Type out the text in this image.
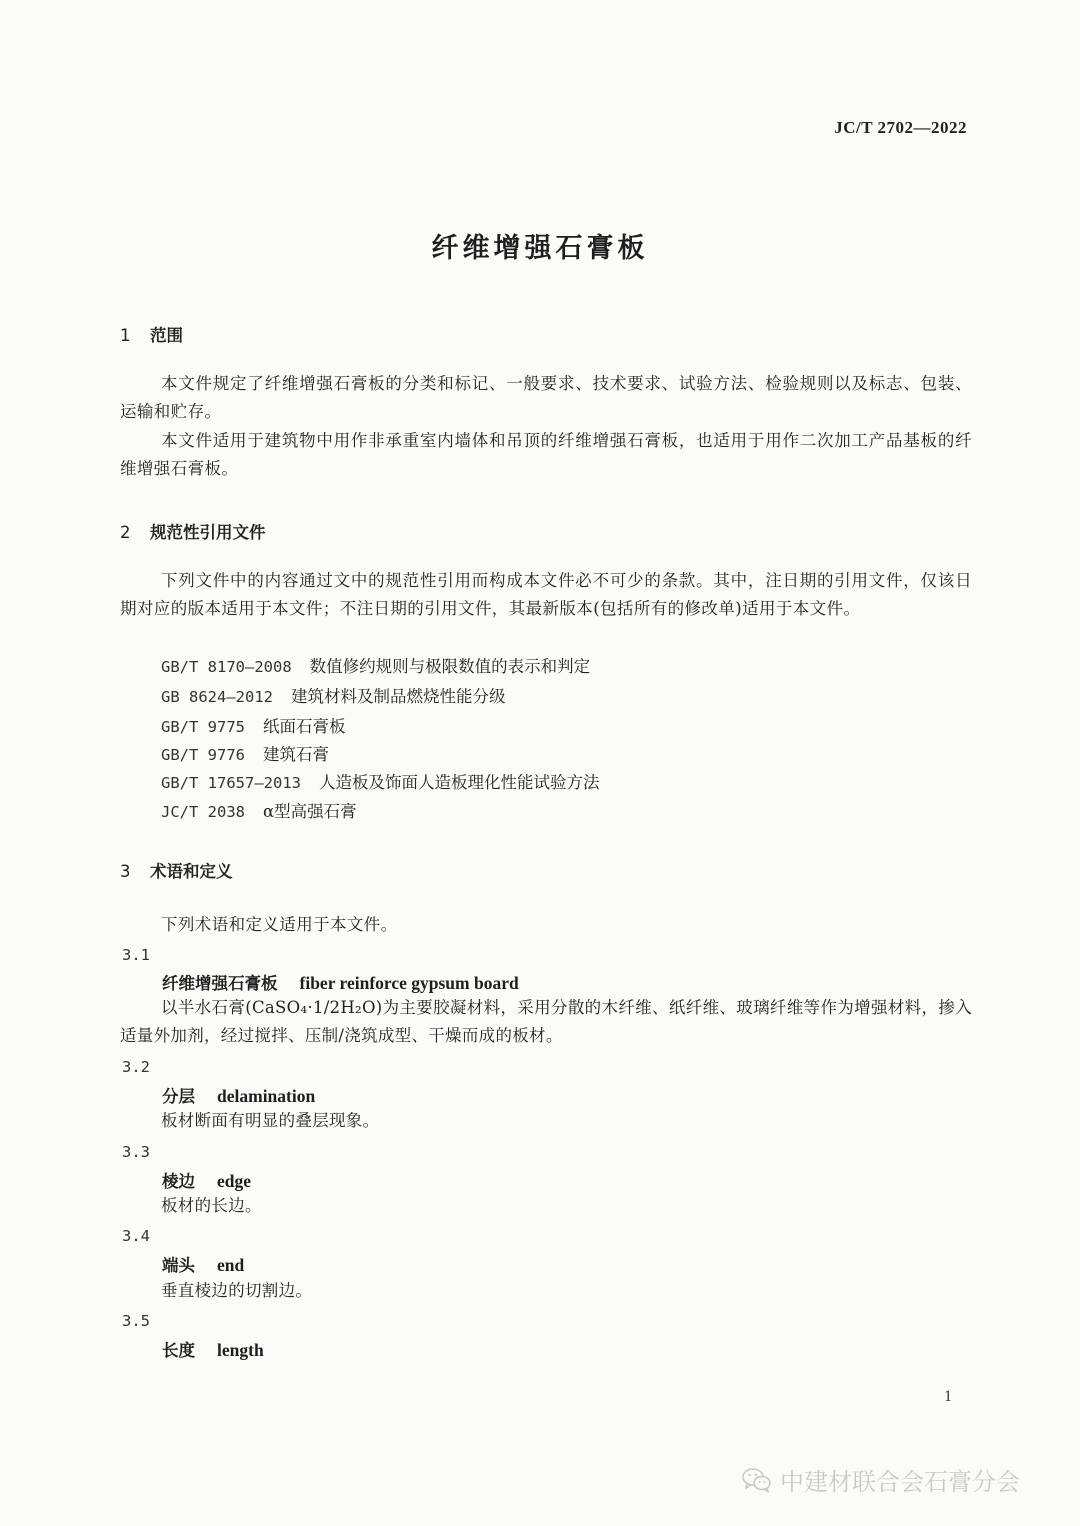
JC/T 2702—2022
纤维增强石膏板
1 范围
本文件规定了纤维增强石膏板的分类和标记、一般要求、技术要求、试验方法、检验规则以及标志、包装、运输和贮存。
本文件适用于建筑物中用作非承重室内墙体和吊顶的纤维增强石膏板，也适用于用作二次加工产品基板的纤维增强石膏板。
2 规范性引用文件
下列文件中的内容通过文中的规范性引用而构成本文件必不可少的条款。其中，注日期的引用文件，仅该日期对应的版本适用于本文件；不注日期的引用文件，其最新版本(包括所有的修改单)适用于本文件。
GB/T 8170—2008 数值修约规则与极限数值的表示和判定
GB 8624—2012 建筑材料及制品燃烧性能分级
GB/T 9775 纸面石膏板
GB/T 9776 建筑石膏
GB/T 17657—2013 人造板及饰面人造板理化性能试验方法
JC/T 2038 α型高强石膏
3 术语和定义
下列术语和定义适用于本文件。
3.1
纤维增强石膏板 fiber reinforce gypsum board
以半水石膏(CaSO₄·1/2H₂O)为主要胶凝材料，采用分散的木纤维、纸纤维、玻璃纤维等作为增强材料，掺入适量外加剂，经过搅拌、压制/浇筑成型、干燥而成的板材。
3.2
分层 delamination
板材断面有明显的叠层现象。
3.3
棱边 edge
板材的长边。
3.4
端头 end
垂直棱边的切割边。
3.5
长度 length
1
中建材联合会石膏分会
